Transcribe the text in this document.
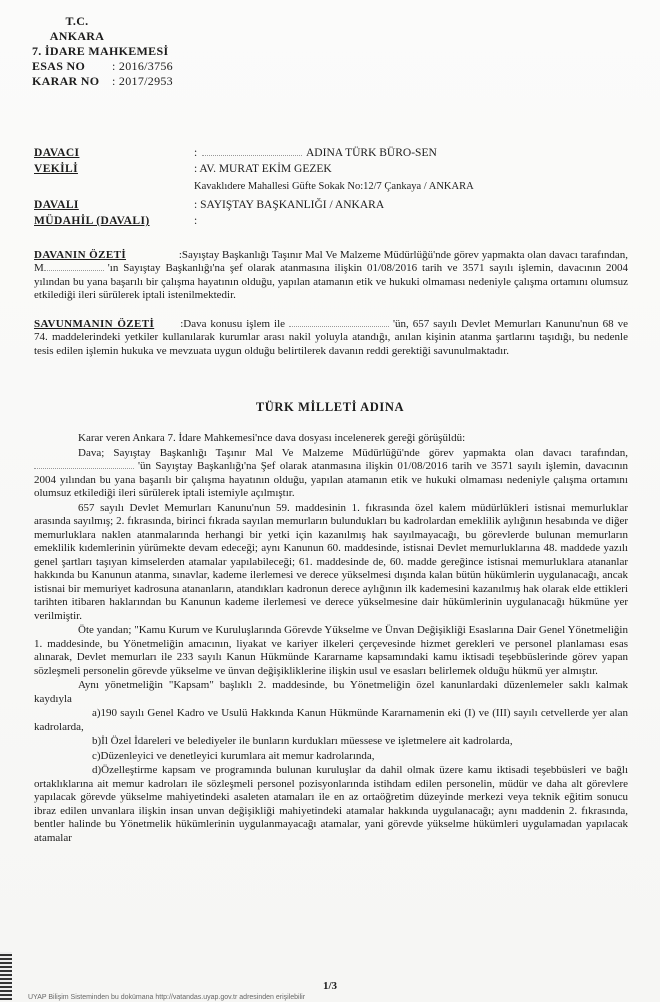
T.C.
ANKARA
7. İDARE MAHKEMESİ
ESAS NO	: 2016/3756
KARAR NO	: 2017/2953
DAVACI	:	ADINA TÜRK BÜRO-SEN
VEKİLİ	: AV. MURAT EKİM GEZEK
Kavaklıdere Mahallesi Güfte Sokak No:12/7 Çankaya / ANKARA
DAVALI	: SAYIŞTAY BAŞKANLIĞI / ANKARA
MÜDAHİL (DAVALI)	:
DAVANIN ÖZETİ	:Sayıştay Başkanlığı Taşınır Mal Ve Malzeme Müdürlüğü'nde görev yapmakta olan davacı tarafından, M	'ın Sayıştay Başkanlığı'na şef olarak atanmasına ilişkin 01/08/2016 tarih ve 3571 sayılı işlemin, davacının 2004 yılından bu yana başarılı bir çalışma hayatının olduğu, yapılan atamanın etik ve hukuki olmaması nedeniyle çalışma ortamını olumsuz etkilediği ileri sürülerek iptali istenilmektedir.
SAVUNMANIN ÖZETİ :Dava konusu işlem ile	'ün, 657 sayılı Devlet Memurları Kanunu'nun 68 ve 74. maddelerindeki yetkiler kullanılarak kurumlar arası nakil yoluyla atandığı, anılan kişinin atanma şartlarını taşıdığı, bu nedenle tesis edilen işlemin hukuka ve mevzuata uygun olduğu belirtilerek davanın reddi gerektiği savunulmaktadır.
TÜRK MİLLETİ ADINA

Karar veren Ankara 7. İdare Mahkemesi'nce dava dosyası incelenerek gereği görüşüldü:

Dava; Sayıştay Başkanlığı Taşınır Mal Ve Malzeme Müdürlüğü'nde görev yapmakta olan davacı tarafından, 'ün Sayıştay Başkanlığı'na Şef olarak atanmasına ilişkin 01/08/2016 tarih ve 3571 sayılı işlemin, davacının 2004 yılından bu yana başarılı bir çalışma hayatının olduğu, yapılan atamanın etik ve hukuki olmaması nedeniyle çalışma ortamını olumsuz etkilediği ileri sürülerek iptali istemiyle açılmıştır.

657 sayılı Devlet Memurları Kanunu'nun 59. maddesinin 1. fıkrasında özel kalem müdürlükleri istisnai memurluklar arasında sayılmış; 2. fıkrasında, birinci fıkrada sayılan memurların bulundukları bu kadrolardan emeklilik aylığının hesabında ve diğer memurluklara naklen atanmalarında herhangi bir yetki için kazanılmış hak sayılmayacağı, bu görevlerde bulunan memurların emeklilik kıdemlerinin yürümekte devam edeceği; aynı Kanunun 60. maddesinde, istisnai Devlet memurluklarına 48. maddede yazılı genel şartları taşıyan kimselerden atamalar yapılabileceği; 61. maddesinde de, 60. madde gereğince istisnai memurluklara atananlar hakkında bu Kanunun atanma, sınavlar, kademe ilerlemesi ve derece yükselmesi dışında kalan bütün hükümlerin uygulanacağı, ancak istisnai bir memuriyet kadrosuna atananların, atandıkları kadronun derece aylığının ilk kademesini kazanılmış hak olarak elde ettikleri tarihten itibaren haklarından bu Kanunun kademe ilerlemesi ve derece yükselmesine dair hükümlerinin uygulanacağı hükmüne yer verilmiştir.

Öte yandan; "Kamu Kurum ve Kuruluşlarında Görevde Yükselme ve Ünvan Değişikliği Esaslarına Dair Genel Yönetmeliğin 1. maddesinde, bu Yönetmeliğin amacının, liyakat ve kariyer ilkeleri çerçevesinde hizmet gerekleri ve personel planlaması esas alınarak, Devlet memurları ile 233 sayılı Kanun Hükmünde Kararname kapsamındaki kamu iktisadi teşebbüslerinde görev yapan sözleşmeli personelin görevde yükselme ve ünvan değişikliklerine ilişkin usul ve esasları belirlemek olduğu hükmü yer almıştır.

Aynı yönetmeliğin "Kapsam" başlıklı 2. maddesinde, bu Yönetmeliğin özel kanunlardaki düzenlemeler saklı kalmak kaydıyla

a)190 sayılı Genel Kadro ve Usulü Hakkında Kanun Hükmünde Kararnamenin eki (I) ve (III) sayılı cetvellerde yer alan kadrolarda,

b)İl Özel İdareleri ve belediyeler ile bunların kurdukları müessese ve işletmelere ait kadrolarda,

c)Düzenleyici ve denetleyici kurumlara ait memur kadrolarında,

d)Özelleştirme kapsam ve programında bulunan kuruluşlar da dahil olmak üzere kamu iktisadi teşebbüsleri ve bağlı ortaklıklarına ait memur kadroları ile sözleşmeli personel pozisyonlarında istihdam edilen personelin, müdür ve daha alt görevlere yapılacak görevde yükselme mahiyetindeki asaleten atamaları ile en az ortaöğretim düzeyinde merkezi veya teknik eğitim sonucu ibraz edilen unvanlara ilişkin insan unvan değişikliği mahiyetindeki atamalar hakkında uygulanacağı; aynı maddenin 2. fıkrasında, bentler halinde bu Yönetmelik hükümlerinin uygulanmayacağı atamalar, yani görevde yükselme hükümleri uygulamadan yapılacak atamalar

1/3
UYAP Bilişim Sisteminden bu dokümana http://vatandas.uyap.gov.tr adresinden erişilebilir
